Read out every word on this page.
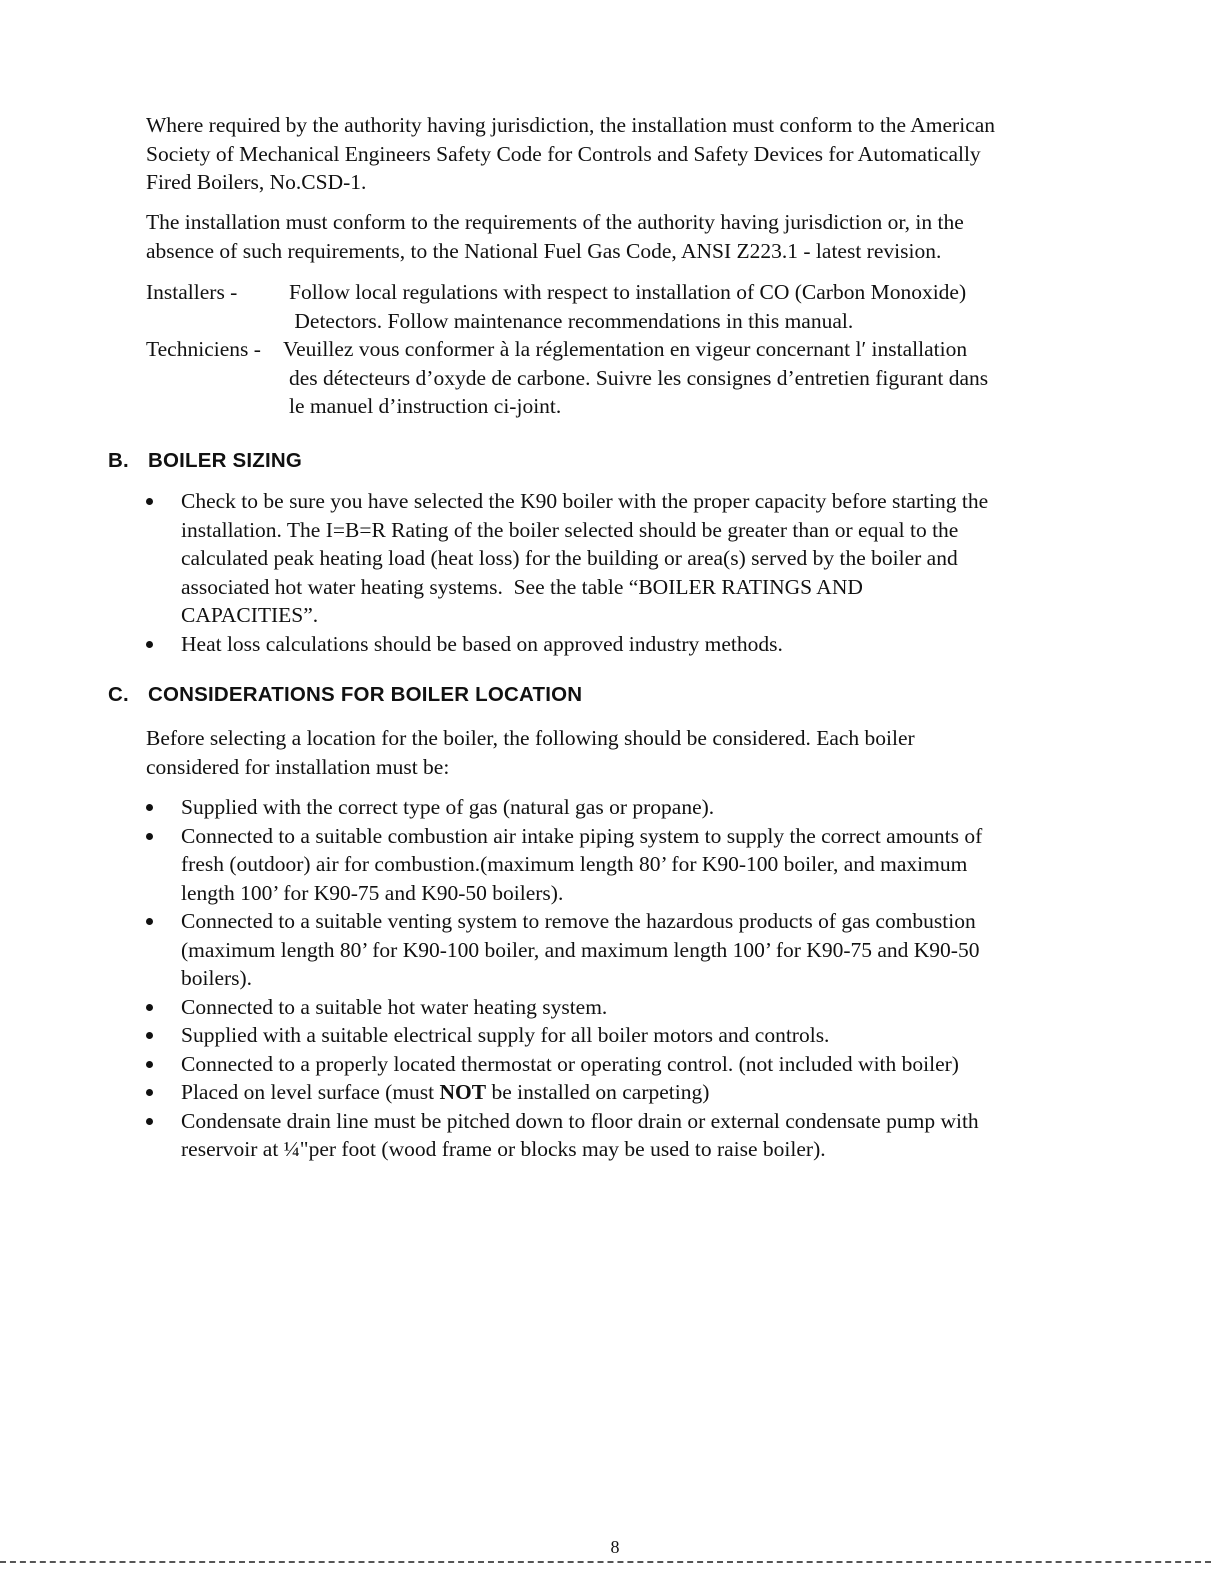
Where required by the authority having jurisdiction, the installation must conform to the American
Society of Mechanical Engineers Safety Code for Controls and Safety Devices for Automatically
Fired Boilers, No.CSD-1.

The installation must conform to the requirements of the authority having jurisdiction or, in the
absence of such requirements, to the National Fuel Gas Code, ANSI Z223.1 - latest revision.

Installers - Follow local regulations with respect to installation of CO (Carbon Monoxide)
Detectors. Follow maintenance recommendations in this manual.

Techniciens - Veuillez vous conformer à la réglementation en vigeur concernant l′ installation

des détecteurs d’oxyde de carbone. Suivre les consignes d’entretien figurant dans
le manuel d’instruction ci-joint.

B. BOILER SIZING
Check to be sure you have selected the K90 boiler with the proper capacity before starting the
installation. The I=B=R Rating of the boiler selected should be greater than or equal to the
calculated peak heating load (heat loss) for the building or area(s) served by the boiler and
associated hot water heating systems.  See the table “BOILER RATINGS AND
CAPACITIES”.
Heat loss calculations should be based on approved industry methods.
C. CONSIDERATIONS FOR BOILER LOCATION

Before selecting a location for the boiler, the following should be considered. Each boiler
considered for installation must be:

Supplied with the correct type of gas (natural gas or propane).
Connected to a suitable combustion air intake piping system to supply the correct amounts of
fresh (outdoor) air for combustion.(maximum length 80’ for K90-100 boiler, and maximum
length 100’ for K90-75 and K90-50 boilers).
Connected to a suitable venting system to remove the hazardous products of gas combustion
(maximum length 80’ for K90-100 boiler, and maximum length 100’ for K90-75 and K90-50
boilers).
Connected to a suitable hot water heating system.
Supplied with a suitable electrical supply for all boiler motors and controls.
Connected to a properly located thermostat or operating control. (not included with boiler)
Placed on level surface (must NOT be installed on carpeting)
Condensate drain line must be pitched down to floor drain or external condensate pump with
reservoir at ¼"per foot (wood frame or blocks may be used to raise boiler).
8
